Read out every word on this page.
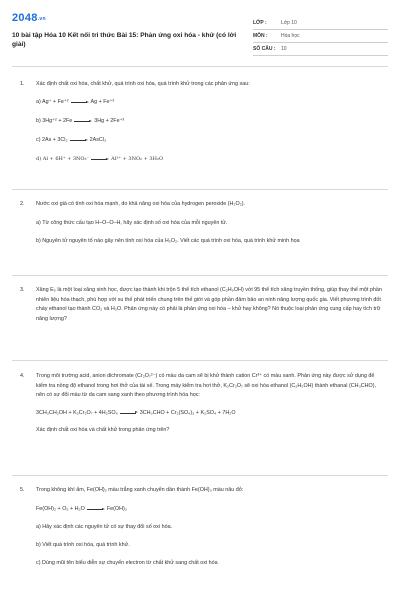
2048.vn
10 bài tập Hóa 10 Kết nối tri thức Bài 15: Phản ứng oxi hóa - khử (có lời giải)
LỚP :	Lớp 10
MÔN :	Hóa học
SỐ CÂU :	10
1. Xác định chất oxi hóa, chất khử, quá trình oxi hóa, quá trình khử trong các phản ứng sau:
a) Ag⁺ + Fe⁺²	Ag + Fe⁺³
b) 3Hg⁺² + 2Fe	3Hg + 2Fe⁺³
c) 2As + 3Cl₂	2AsCl₃
d) Al + 6H⁺ + 3NO₃⁻	Al³⁺ + 3NO₂ + 3H₂O
2. Nước oxi già có tính oxi hóa mạnh, do khả năng oxi hóa của hydrogen peroxide (H₂O₂).
a) Từ công thức cấu tạo H–O–O–H, hãy xác định số oxi hóa của mỗi nguyên tử.
b) Nguyên tử nguyên tố nào gây nên tính oxi hóa của H₂O₂. Viết các quá trình oxi hóa, quá trình khử minh họa
3. Xăng E₅ là một loại xăng sinh học, được tạo thành khi trộn 5 thể tích ethanol (C₂H₅OH) với 95 thể tích xăng truyền thống, giúp thay thế một phần nhiên liệu hóa thạch, phù hợp với xu thế phát triển chung trên thế giới và góp phần đảm bảo an ninh năng lượng quốc gia. Viết phương trình đốt cháy ethanol tạo thành CO₂ và H₂O. Phản ứng này có phải là phản ứng oxi hóa – khử hay không? Nó thuộc loại phản ứng cung cấp hay tích trữ năng lượng?
4. Trong môi trường acid, anion dichromate (Cr₂O₇²⁻) có màu da cam sẽ bị khử thành cation Cr³⁺ có màu xanh. Phản ứng này được sử dụng để kiểm tra nồng độ ethanol trong hơi thở của tài xế. Trong máy kiểm tra hơi thở, K₂Cr₂O₇ sẽ oxi hóa ethanol (C₂H₅OH) thành ethanal (CH₃CHO), nên có sự đổi màu từ da cam sang xanh theo phương trình hóa học:
3CH₃CH₂OH + K₂Cr₂O₇ + 4H₂SO₄	3CH₃CHO + Cr₂(SO₄)₃ + K₂SO₄ + 7H₂O
Xác định chất oxi hóa và chất khử trong phản ứng trên?
5. Trong không khí ẩm, Fe(OH)₂ màu trắng xanh chuyển dần thành Fe(OH)₃ màu nâu đỏ:
Fe(OH)₂ + O₂ + H₂O	Fe(OH)₃
a) Hãy xác định các nguyên tử có sự thay đổi số oxi hóa.
b) Viết quá trình oxi hóa, quá trình khử.
c) Dùng mũi tên biểu diễn sự chuyển electron từ chất khử sang chất oxi hóa
